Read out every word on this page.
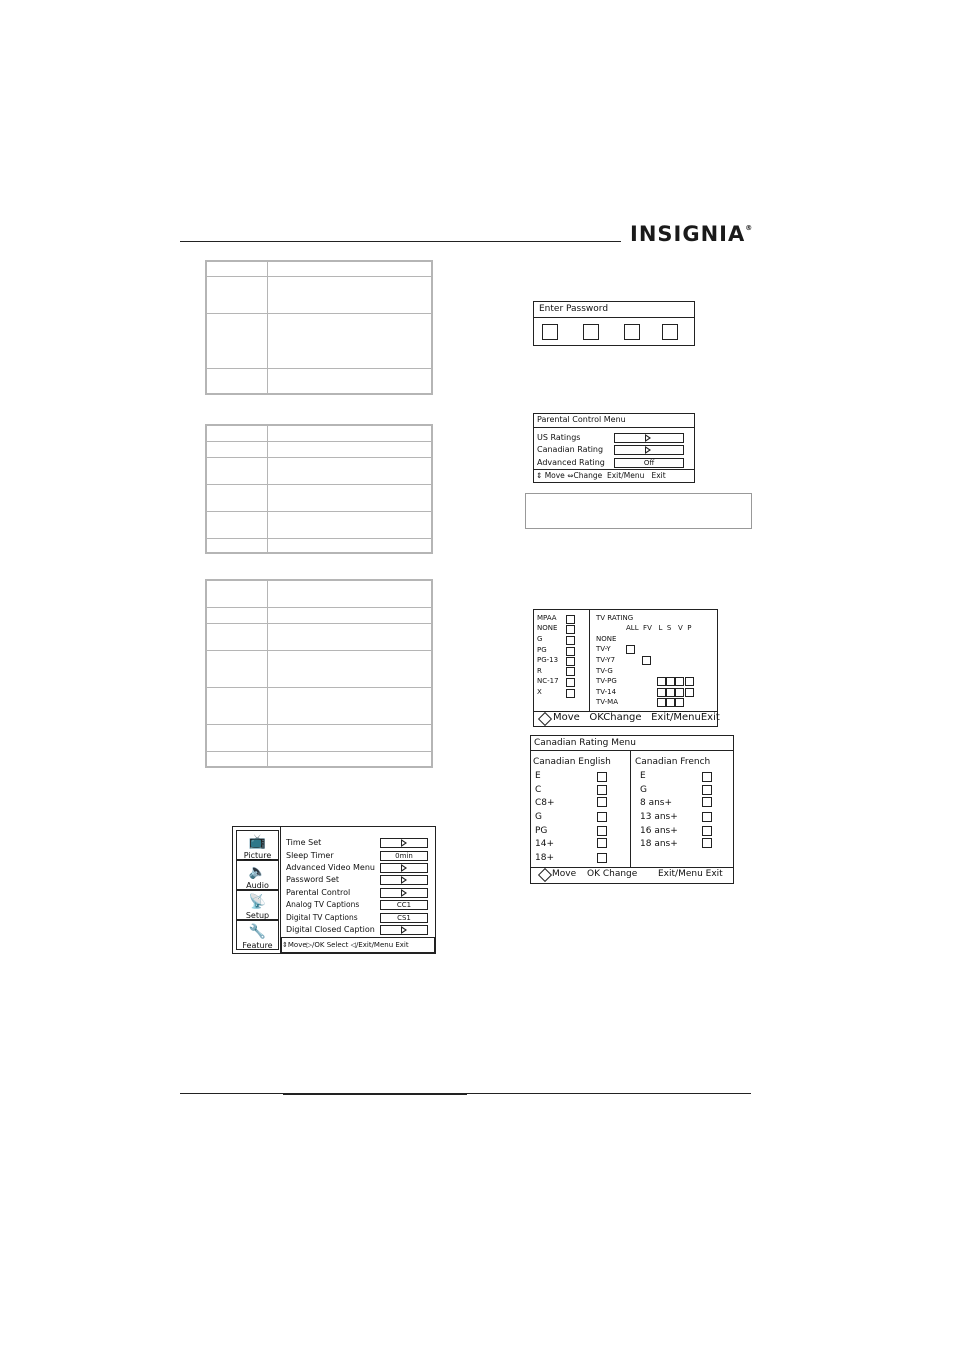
INSIGNIA®
📺
Picture
🔈
Audio
📡
Setup
🔧
Feature
Time Set
Sleep Timer	0min
Advanced Video Menu
Password Set
Parental Control
Analog TV Captions	CC1
Digital TV Captions	CS1
Digital Closed Caption
⇕Move▷/OK Select ◁/Exit/Menu Exit
Enter Password
Parental Control Menu
US Ratings
Canadian Rating
Advanced Rating	Off
⇕ Move ⇔Change Exit/Menu Exit
MPAA
NONE
G
PG
PG-13
R
NC-17
X
TV RATING
ALL  FV   L  S   V  P
NONE
TV-Y
TV-Y7
TV-G
TV-PG
TV-14
TV-MA
Move OKChange Exit/MenuExit
Canadian Rating Menu
Canadian English
E
C
C8+
G
PG
14+
18+
Canadian French
E
G
8 ans+
13 ans+
16 ans+
18 ans+
Move OK Change Exit/Menu Exit
